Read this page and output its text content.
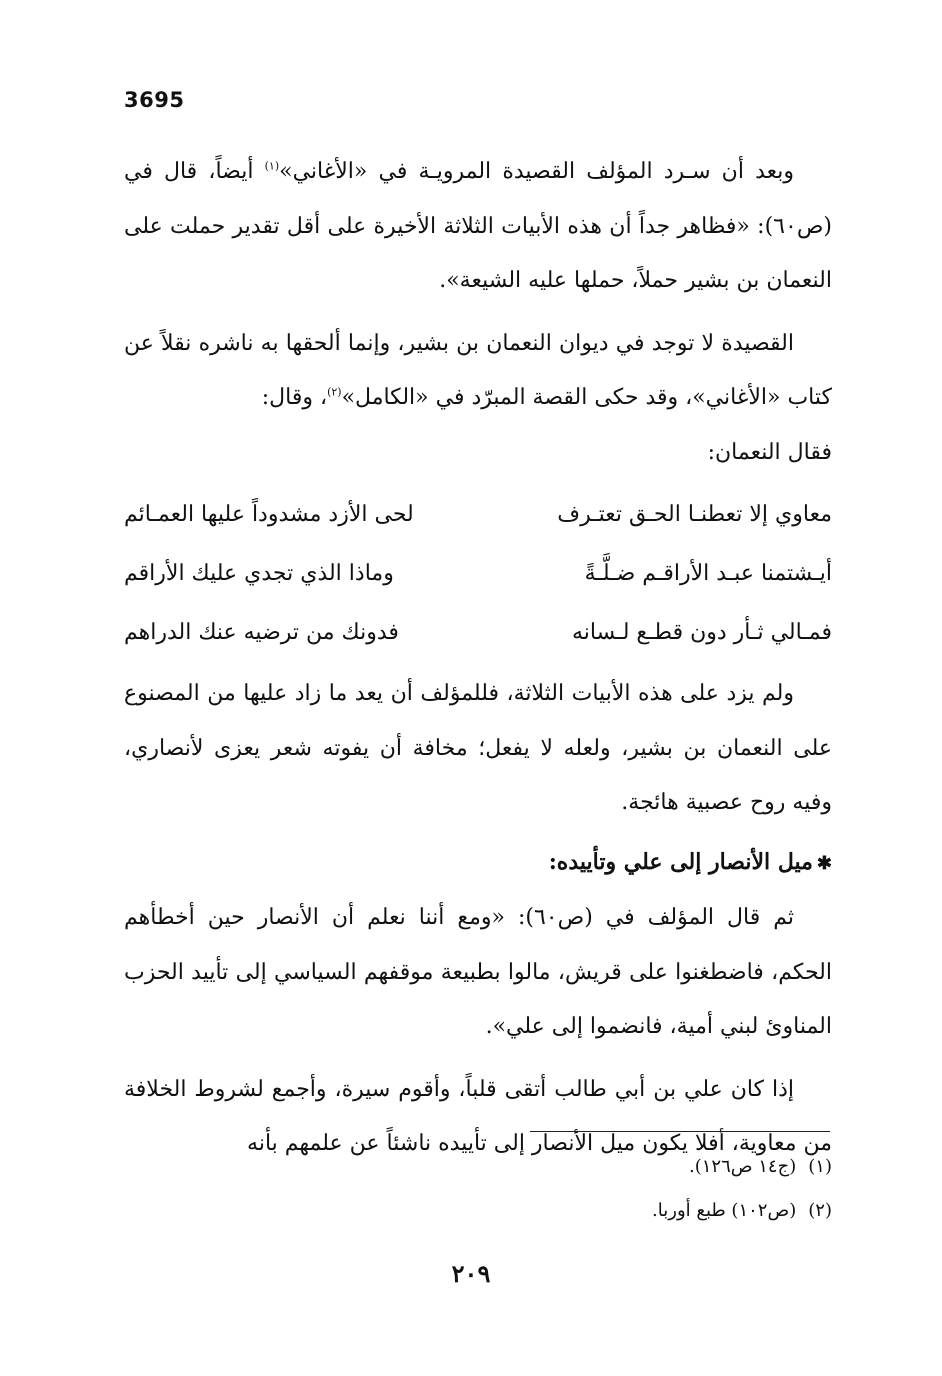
3695

وبعد أن سـرد المؤلف القصيدة المرويـة في «الأغاني»$^{(١)}$ أيضاً، قال في (ص٦٠): «فظاهر جداً أن هذه الأبيات الثلاثة الأخيرة على أقل تقدير حملت على النعمان بن بشير حملاً، حملها عليه الشيعة».

القصيدة لا توجد في ديوان النعمان بن بشير، وإنما ألحقها به ناشره نقلاً عن كتاب «الأغاني»، وقد حكى القصة المبرّد في «الكامل»$^{(٢)}$، وقال:

فقال النعمان:

معاوي إلا تعطنـا الحـق تعتـرف
لحى الأزد مشدوداً عليها العمـائم
أيـشتمنا عبـد الأراقـم ضـلَّـةً
وماذا الذي تجدي عليك الأراقم
فمـالي ثـأر دون قطـع لـسانه
فدونك من ترضيه عنك الدراهم

ولم يزد على هذه الأبيات الثلاثة، فللمؤلف أن يعد ما زاد عليها من المصنوع على النعمان بن بشير، ولعله لا يفعل؛ مخافة أن يفوته شعر يعزى لأنصاري، وفيه روح عصبية هائجة.

✱ميل الأنصار إلى علي وتأييده:

ثم قال المؤلف في (ص٦٠): «ومع أننا نعلم أن الأنصار حين أخطأهم الحكم، فاضطغنوا على قريش، مالوا بطبيعة موقفهم السياسي إلى تأييد الحزب المناوئ لبني أمية، فانضموا إلى علي».

إذا كان علي بن أبي طالب أتقى قلباً، وأقوم سيرة، وأجمع لشروط الخلافة من معاوية، أفلا يكون ميل الأنصار إلى تأييده ناشئاً عن علمهم بأنه

(١)(ج١٤ ص١٢٦).

(٢)(ص١٠٢) طبع أوربا.

٢٠٩
